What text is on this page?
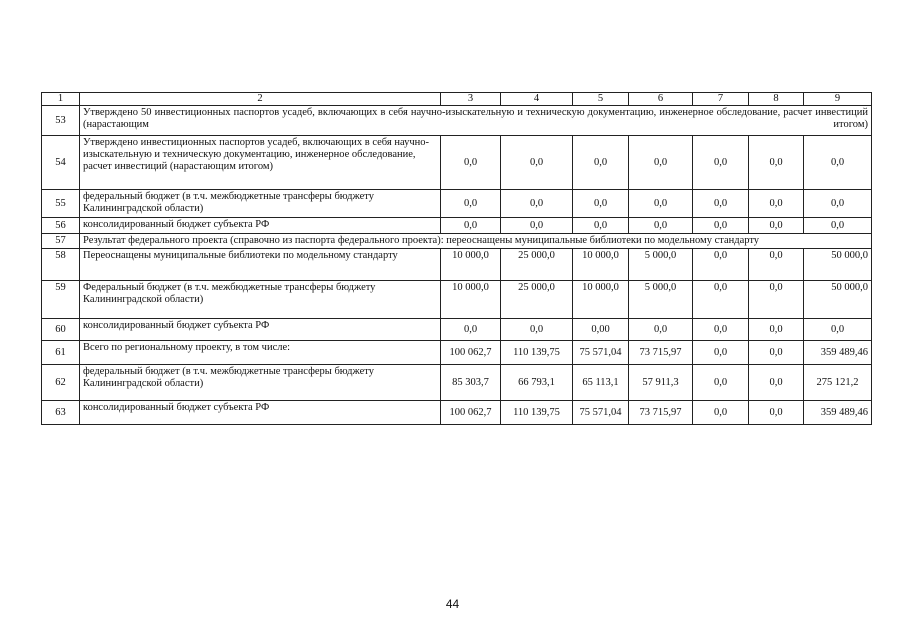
1	2	3	4	5	6	7	8	9
53	Утверждено 50 инвестиционных паспортов усадеб, включающих в себя научно-изыскательную и техническую документацию, инженерное обследование, расчет инвестиций (нарастающим итогом)							
54	Утверждено инвестиционных паспортов усадеб, включающих в себя научно-изыскательную и техническую документацию, инженерное обследование, расчет инвестиций (нарастающим итогом)	0,0	0,0	0,0	0,0	0,0	0,0	0,0
55	федеральный бюджет (в т.ч. межбюджетные трансферы бюджету Калининградской области)	0,0	0,0	0,0	0,0	0,0	0,0	0,0
56	консолидированный бюджет субъекта РФ	0,0	0,0	0,0	0,0	0,0	0,0	0,0
57	Результат федерального проекта (справочно из паспорта федерального проекта): переоснащены муниципальные библиотеки по модельному стандарту							
58	Переоснащены муниципальные библиотеки по модельному стандарту	10 000,0	25 000,0	10 000,0	5 000,0	0,0	0,0	50 000,0
59	Федеральный бюджет (в т.ч. межбюджетные трансферы бюджету Калининградской области)	10 000,0	25 000,0	10 000,0	5 000,0	0,0	0,0	50 000,0
60	консолидированный бюджет субъекта РФ	0,0	0,0	0,00	0,0	0,0	0,0	0,0
61	Всего по региональному проекту, в том числе:	100 062,7	110 139,75	75 571,04	73 715,97	0,0	0,0	359 489,46
62	федеральный бюджет (в т.ч. межбюджетные трансферы бюджету Калининградской области)	85 303,7	66 793,1	65 113,1	57 911,3	0,0	0,0	275 121,2
63	консолидированный бюджет субъекта РФ	100 062,7	110 139,75	75 571,04	73 715,97	0,0	0,0	359 489,46
44
